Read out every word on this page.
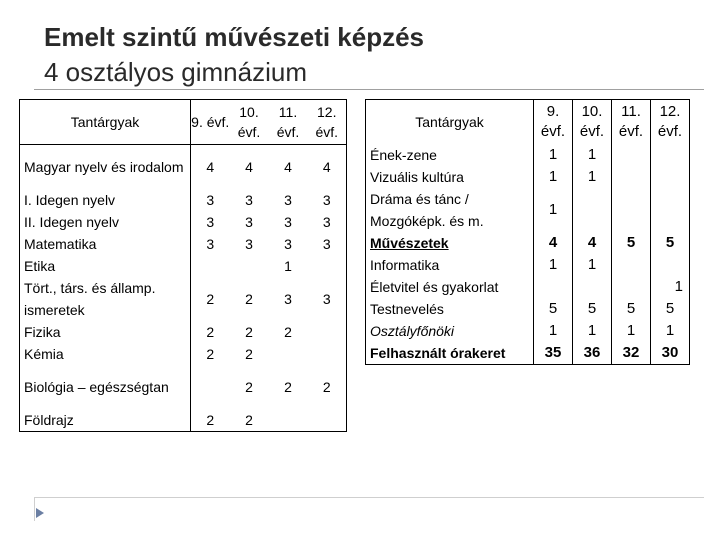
Emelt szintű művészeti képzés
4 osztályos gimnázium
Tantárgyak	9. évf.	10. évf.	11. évf.	12. évf.
Magyar nyelv és irodalom	4	4	4	4
I. Idegen nyelv	3	3	3	3
II. Idegen nyelv	3	3	3	3
Matematika	3	3	3	3
Etika			1	
Tört., társ. és államp. ismeretek	2	2	3	3
Fizika	2	2	2	
Kémia	2	2		
Biológia – egészségtan		2	2	2
Földrajz	2	2		
Tantárgyak	9. évf.	10. évf.	11. évf.	12. évf.
Ének-zene	1	1		
Vizuális kultúra	1	1		
Dráma és tánc / Mozgóképk. és m.	1			
Művészetek	4	4	5	5
Informatika	1	1		
Életvitel és gyakorlat				1
Testnevelés	5	5	5	5
Osztályfőnöki	1	1	1	1
Felhasznált órakeret	35	36	32	30
